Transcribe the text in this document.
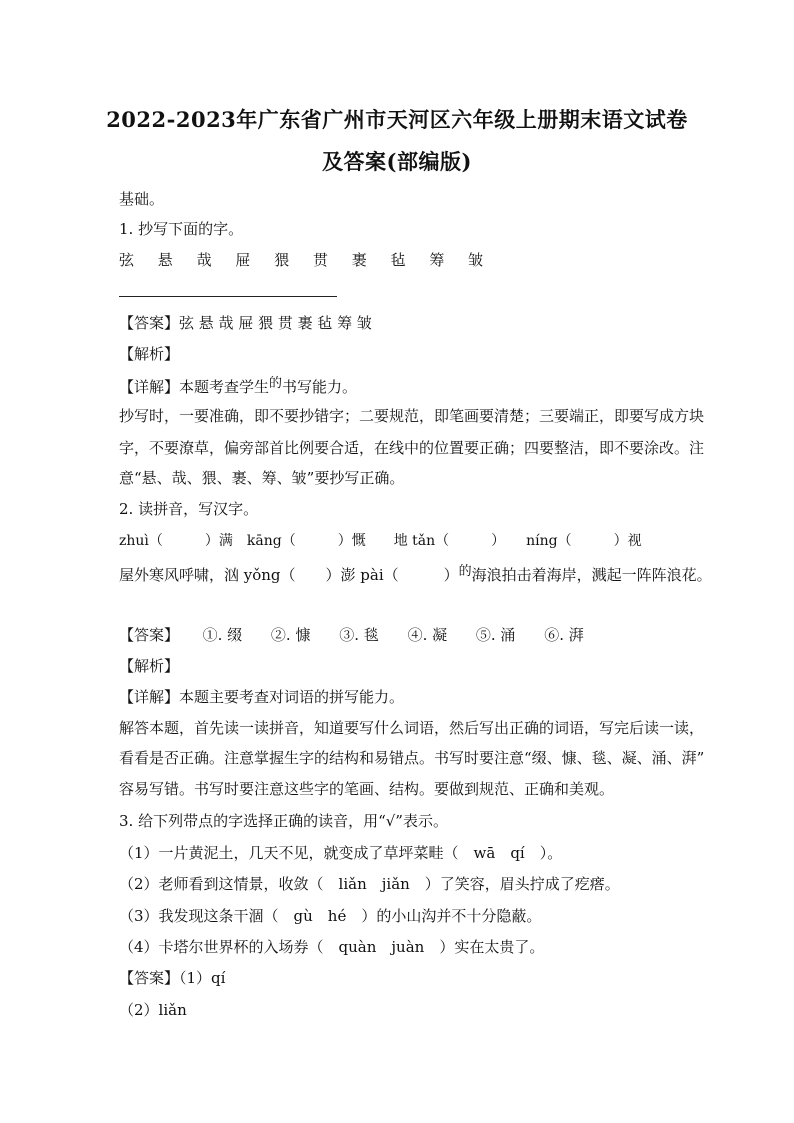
2022-2023年广东省广州市天河区六年级上册期末语文试卷
及答案(部编版)
基础。
1. 抄写下面的字。
弦 悬 哉 屉 猥 贯 裹 毡 筹 皱
【答案】弦 悬 哉 屉 猥 贯 裹 毡 筹 皱
【解析】
【详解】本题考查学生的书写能力。
抄写时，一要准确，即不要抄错字；二要规范，即笔画要清楚；三要端正，即要写成方块
字，不要潦草，偏旁部首比例要合适，在线中的位置要正确；四要整洁，即不要涂改。注
意“悬、哉、猥、裹、筹、皱”要抄写正确。
2. 读拼音，写汉字。
zhuì（　　　）满　kāng（　　　）慨　　地 tǎn（　　　）　　níng（　　　）视
屋外寒风呼啸，汹 yǒng（　　）澎 pài（　　　）的海浪拍击着海岸，溅起一阵阵浪花。
【答案】 ①. 缀 ②. 慷 ③. 毯 ④. 凝 ⑤. 涌 ⑥. 湃
【解析】
【详解】本题主要考查对词语的拼写能力。
解答本题，首先读一读拼音，知道要写什么词语，然后写出正确的词语，写完后读一读，
看看是否正确。注意掌握生字的结构和易错点。书写时要注意“缀、慷、毯、凝、涌、湃”
容易写错。书写时要注意这些字的笔画、结构。要做到规范、正确和美观。
3. 给下列带点的字选择正确的读音，用“√”表示。
（1）一片黄泥土，几天不见，就变成了草坪菜畦（　wā　qí　）。
（2）老师看到这情景，收敛（　liǎn　jiǎn　）了笑容，眉头拧成了疙瘩。
（3）我发现这条干涸（　gù　hé　）的小山沟并不十分隐蔽。
（4）卡塔尔世界杯的入场券（　quàn　juàn　）实在太贵了。
【答案】（1）qí
（2）liǎn
